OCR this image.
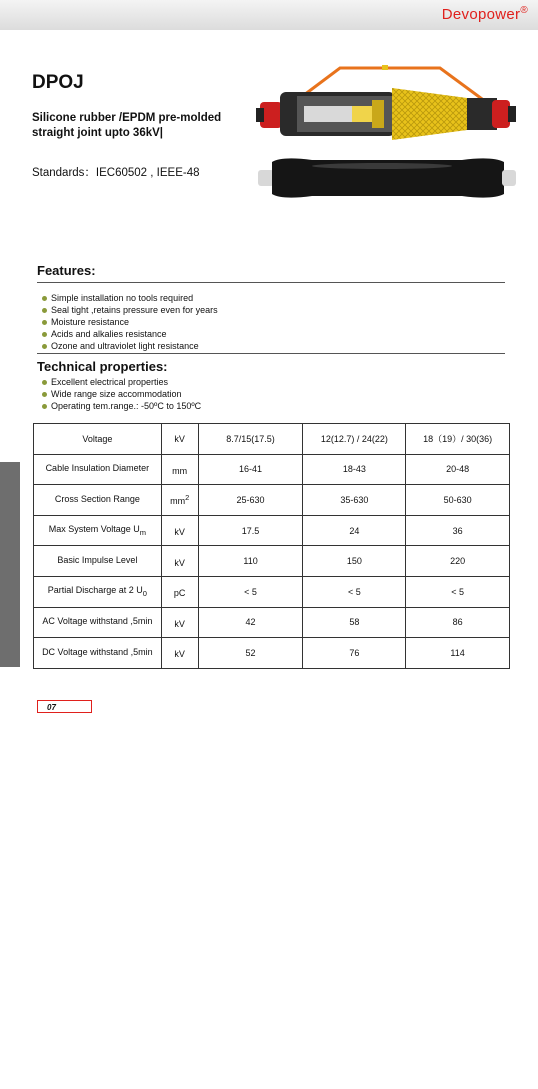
Devopower®
DPOJ
Silicone rubber /EPDM pre-molded straight joint upto 36kV|
Standards：IEC60502 , IEEE-48
Features:
Simple installation no tools required
Seal tight ,retains pressure even for years
Moisture resistance
Acids and alkalies resistance
Ozone and ultraviolet light resistance
Technical properties:
Excellent electrical properties
Wide range size accommodation
Operating tem.range.: -50ºC to 150ºC
Voltage	kV	8.7/15(17.5)	12(12.7) / 24(22)	18（19）/ 30(36)
Cable Insulation Diameter	mm	16-41	18-43	20-48
Cross Section Range	$mm^2$	25-630	35-630	50-630
Max System Voltage $U_m$	kV	17.5	24	36
Basic Impulse Level	kV	110	150	220
Partial Discharge at 2 $U_0$	pC	< 5	< 5	< 5
AC Voltage withstand ,5min	kV	42	58	86
DC Voltage withstand ,5min	kV	52	76	114
Cold Shrink Pre-mold
07
